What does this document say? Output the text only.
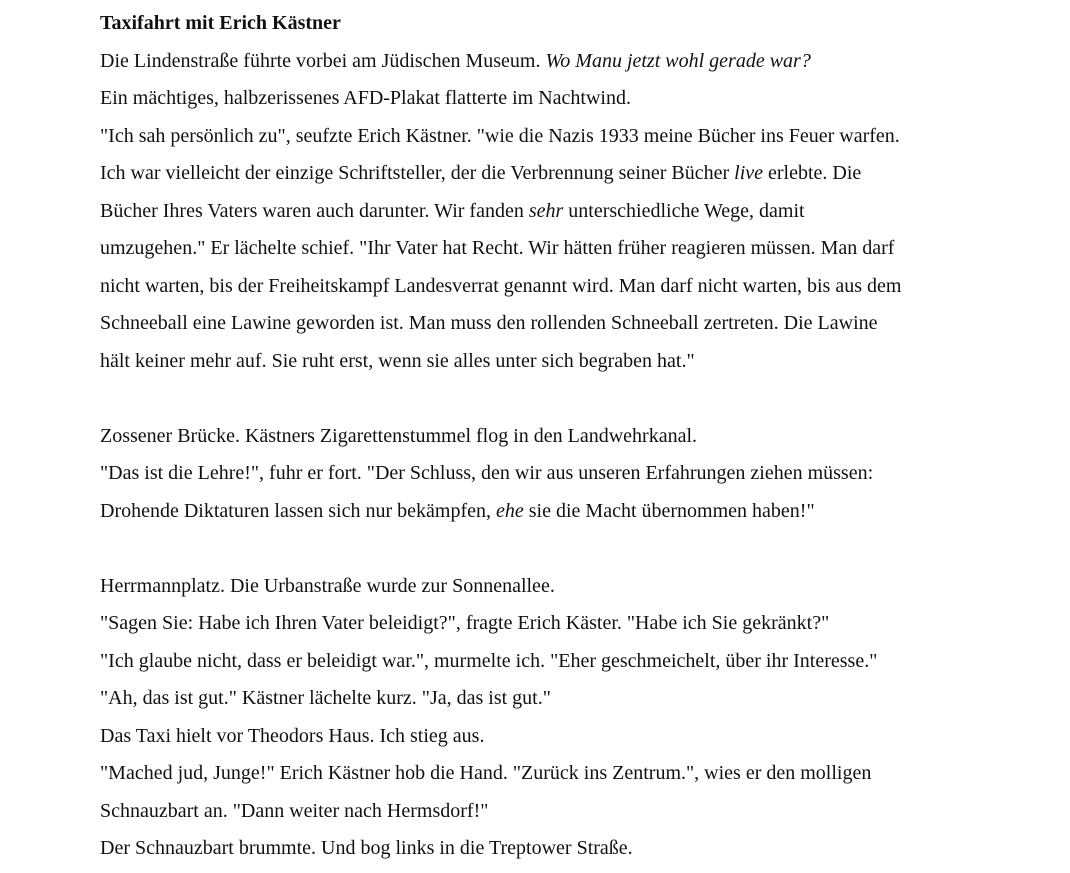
Taxifahrt mit Erich Kästner
Die Lindenstraße führte vorbei am Jüdischen Museum. Wo Manu jetzt wohl gerade war?
Ein mächtiges, halbzerissenes AFD-Plakat flatterte im Nachtwind.
"Ich sah persönlich zu", seufzte Erich Kästner. "wie die Nazis 1933 meine Bücher ins Feuer warfen.
Ich war vielleicht der einzige Schriftsteller, der die Verbrennung seiner Bücher live erlebte. Die
Bücher Ihres Vaters waren auch darunter. Wir fanden sehr unterschiedliche Wege, damit
umzugehen." Er lächelte schief. "Ihr Vater hat Recht. Wir hätten früher reagieren müssen. Man darf
nicht warten, bis der Freiheitskampf Landesverrat genannt wird. Man darf nicht warten, bis aus dem
Schneeball eine Lawine geworden ist. Man muss den rollenden Schneeball zertreten. Die Lawine
hält keiner mehr auf. Sie ruht erst, wenn sie alles unter sich begraben hat."
Zossener Brücke. Kästners Zigarettenstummel flog in den Landwehrkanal.
"Das ist die Lehre!", fuhr er fort. "Der Schluss, den wir aus unseren Erfahrungen ziehen müssen:
Drohende Diktaturen lassen sich nur bekämpfen, ehe sie die Macht übernommen haben!"
Herrmannplatz. Die Urbanstraße wurde zur Sonnenallee.
"Sagen Sie: Habe ich Ihren Vater beleidigt?", fragte Erich Käster. "Habe ich Sie gekränkt?"
"Ich glaube nicht, dass er beleidigt war.", murmelte ich. "Eher geschmeichelt, über ihr Interesse."
"Ah, das ist gut." Kästner lächelte kurz. "Ja, das ist gut."
Das Taxi hielt vor Theodors Haus. Ich stieg aus.
"Mached jud, Junge!" Erich Kästner hob die Hand. "Zurück ins Zentrum.", wies er den molligen
Schnauzbart an. "Dann weiter nach Hermsdorf!"
Der Schnauzbart brummte. Und bog links in die Treptower Straße.
